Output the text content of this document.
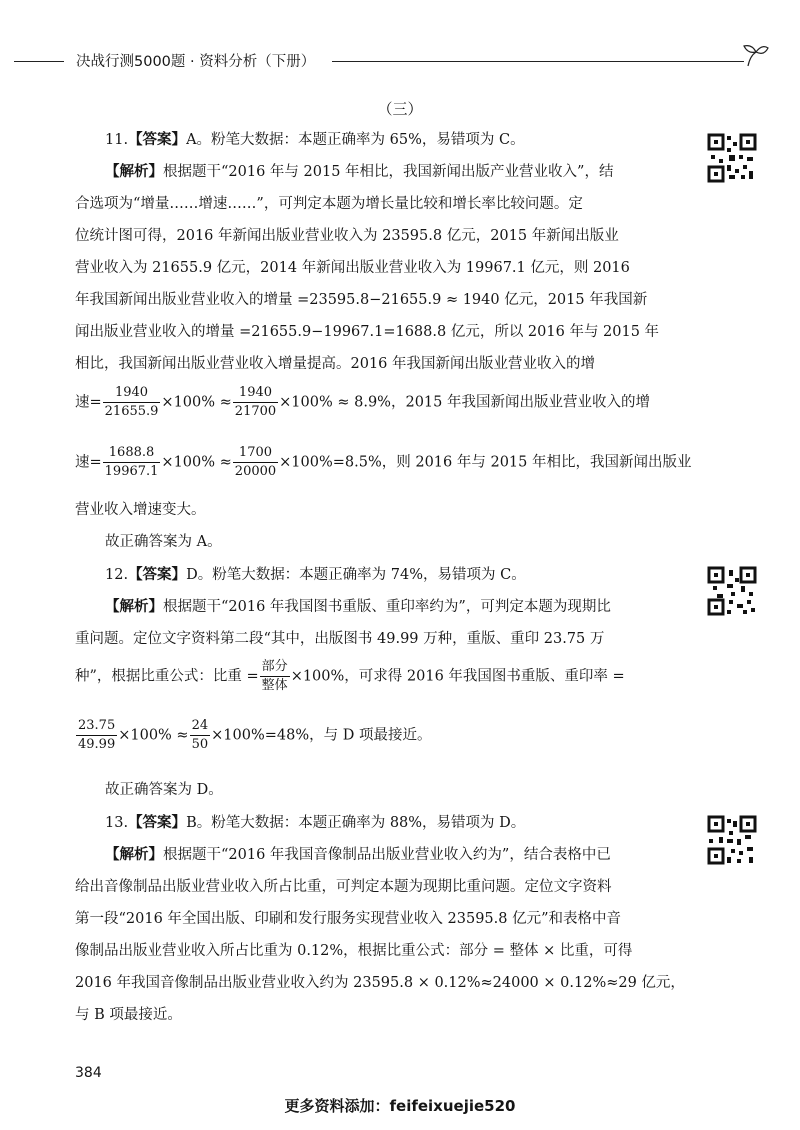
决战行测5000题 · 资料分析（下册）
（三）
11.【答案】A。粉笔大数据：本题正确率为 65%，易错项为 C。
【解析】根据题干“2016 年与 2015 年相比，我国新闻出版产业营业收入”，结
合选项为“增量……增速……”，可判定本题为增长量比较和增长率比较问题。定
位统计图可得，2016 年新闻出版业营业收入为 23595.8 亿元，2015 年新闻出版业
营业收入为 21655.9 亿元，2014 年新闻出版业营业收入为 19967.1 亿元，则 2016
年我国新闻出版业营业收入的增量 =23595.8−21655.9 ≈ 1940 亿元，2015 年我国新
闻出版业营业收入的增量 =21655.9−19967.1=1688.8 亿元，所以 2016 年与 2015 年
相比，我国新闻出版业营业收入增量提高。2016 年我国新闻出版业营业收入的增
速= $\frac{1940}{21655.9} \times 100\% \approx \frac{1940}{21700} \times 100\% \approx 8.9\%$，2015 年我国新闻出版业营业收入的增
速= $\frac{1688.8}{19967.1} \times 100\% \approx \frac{1700}{20000} \times 100\%=8.5\%$，则 2016 年与 2015 年相比，我国新闻出版业
营业收入增速变大。
故正确答案为 A。
12.【答案】D。粉笔大数据：本题正确率为 74%，易错项为 C。
【解析】根据题干“2016 年我国图书重版、重印率约为”，可判定本题为现期比
重问题。定位文字资料第二段“其中，出版图书 49.99 万种，重版、重印 23.75 万
种”，根据比重公式：比重 =
部分
整体
×100%，可求得 2016 年我国图书重版、重印率 =
$\frac{23.75}{49.99} \times 100\% \approx \frac{24}{50} \times 100\%=48\%$，与 D 项最接近。
故正确答案为 D。
13.【答案】B。粉笔大数据：本题正确率为 88%，易错项为 D。
【解析】根据题干“2016 年我国音像制品出版业营业收入约为”，结合表格中已
给出音像制品出版业营业收入所占比重，可判定本题为现期比重问题。定位文字资料
第一段“2016 年全国出版、印刷和发行服务实现营业收入 23595.8 亿元”和表格中音
像制品出版业营业收入所占比重为 0.12%，根据比重公式：部分 = 整体 × 比重，可得
2016 年我国音像制品出版业营业收入约为 23595.8 × 0.12%≈24000 × 0.12%≈29 亿元，
与 B 项最接近。
384
更多资料添加：feifeixuejie520
